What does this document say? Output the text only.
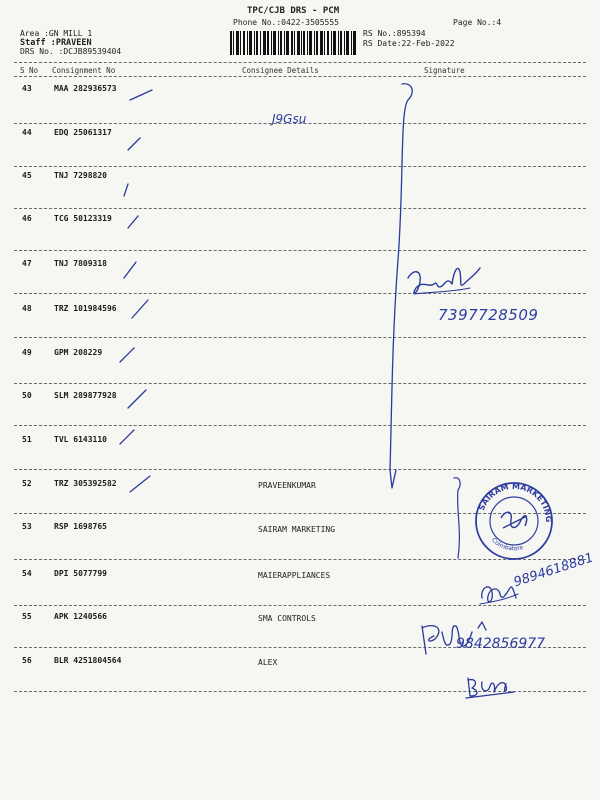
TPC/CJB DRS - PCM
Phone No.:0422-3505555	Page No.:4
Area :GN MILL 1
Staff :PRAVEEN
DRS No. :DCJB89539404
RS No.:895394
RS Date:22-Feb-2022
S No Consignment No	Consignee Details	Signature
43	MAA 282936573
44	EDQ 25061317
45	TNJ 7298820
46	TCG 50123319
47	TNJ 7809318
48	TRZ 101984596
49	GPM 208229
50	SLM 289877928
51	TVL 6143110
52	TRZ 305392582	PRAVEENKUMAR
53	RSP 1698765	SAIRAM MARKETING
54	DPI 5077799	MAIERAPPLIANCES
55	APK 1240566	SMA CONTROLS
56	BLR 4251804564	ALEX
J9Gsu
7397728509
SAIRAM MARKETING
Coimbatore
9894618881
9842856977
